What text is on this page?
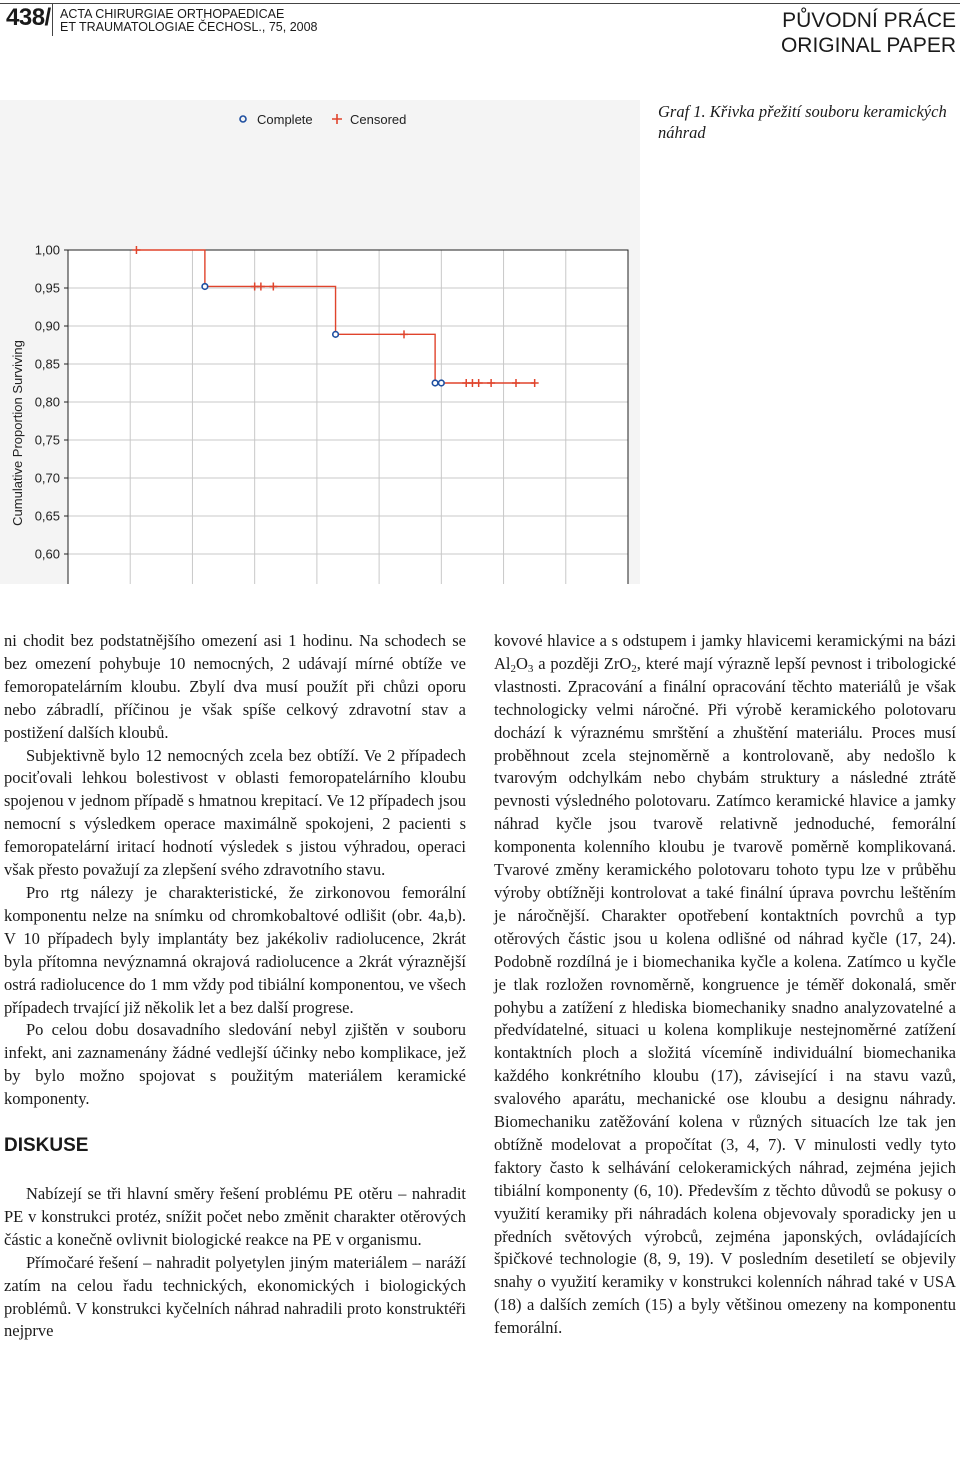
438/ ACTA CHIRURGIAE ORTHOPAEDICAE
ET TRAUMATOLOGIAE ČECHOSL., 75, 2008	PŮVODNÍ PRÁCE
ORIGINAL PAPER
1,00
0,95
0,90
0,85
0,80
0,75
0,70
0,65
0,60
Complete	Censored
Cumulative Proportion Surviving
Graf 1. Křivka přežití souboru keramických náhrad

ni chodit bez podstatnějšího omezení asi 1 hodinu. Na schodech se bez omezení pohybuje 10 nemocných, 2 udávají mírné obtíže ve femoropatelárním kloubu. Zbylí dva musí použít při chůzi oporu nebo zábradlí, příčinou je však spíše celkový zdravotní stav a postižení dalších kloubů.

Subjektivně bylo 12 nemocných zcela bez obtíží. Ve 2 případech pociťovali lehkou bolestivost v oblasti femoropatelárního kloubu spojenou v jednom případě s hmatnou krepitací. Ve 12 případech jsou nemocní s výsledkem operace maximálně spokojeni, 2 pacienti s femoropatelární iritací hodnotí výsledek s jistou výhradou, operaci však přesto považují za zlepšení svého zdravotního stavu.

Pro rtg nálezy je charakteristické, že zirkonovou femorální komponentu nelze na snímku od chromkobaltové odlišit (obr. 4a,b). V 10 případech byly implantáty bez jakékoliv radiolucence, 2krát byla přítomna nevýznamná okrajová radiolucence a 2krát výraznější ostrá radiolucence do 1 mm vždy pod tibiální komponentou, ve všech případech trvající již několik let a bez další progrese.

Po celou dobu dosavadního sledování nebyl zjištěn v souboru infekt, ani zaznamenány žádné vedlejší účinky nebo komplikace, jež by bylo možno spojovat s použitým materiálem keramické komponenty.

DISKUSE

Nabízejí se tři hlavní směry řešení problému PE otěru – nahradit PE v konstrukci protéz, snížit počet nebo změnit charakter otěrových částic a konečně ovlivnit biologické reakce na PE v organismu.

Přímočaré řešení – nahradit polyetylen jiným materiálem – naráží zatím na celou řadu technických, ekonomických i biologických problémů. V konstrukci kyčelních náhrad nahradili proto konstruktéři nejprve

kovové hlavice a s odstupem i jamky hlavicemi keramickými na bázi $Al_2O_3$ a později ZrO$_2$, které mají výrazně lepší pevnost i tribologické vlastnosti. Zpracování a finální opracování těchto materiálů je však technologicky velmi náročné. Při výrobě keramického polotovaru dochází k výraznému smrštění a zhuštění materiálu. Proces musí proběhnout zcela stejnoměrně a kontrolovaně, aby nedošlo k tvarovým odchylkám nebo chybám struktury a následné ztrátě pevnosti výsledného polotovaru. Zatímco keramické hlavice a jamky náhrad kyčle jsou tvarově relativně jednoduché, femorální komponenta kolenního kloubu je tvarově poměrně komplikovaná. Tvarové změny keramického polotovaru tohoto typu lze v průběhu výroby obtížněji kontrolovat a také finální úprava povrchu leštěním je náročnější. Charakter opotřebení kontaktních povrchů a typ otěrových částic jsou u kolena odlišné od náhrad kyčle (17, 24). Podobně rozdílná je i biomechanika kyčle a kolena. Zatímco u kyčle je tlak rozložen rovnoměrně, kongruence je téměř dokonalá, směr pohybu a zatížení z hlediska biomechaniky snadno analyzovatelné a předvídatelné, situaci u kolena komplikuje nestejnoměrné zatížení kontaktních ploch a složitá vícemíně individuální biomechanika každého konkrétního kloubu (17), závisející i na stavu vazů, svalového aparátu, mechanické ose kloubu a designu náhrady. Biomechaniku zatěžování kolena v různých situacích lze tak jen obtížně modelovat a propočítat (3, 4, 7). V minulosti vedly tyto faktory často k selhávání celokeramických náhrad, zejména jejich tibiální komponenty (6, 10). Především z těchto důvodů se pokusy o využití keramiky při náhradách kolena objevovaly sporadicky jen u předních světových výrobců, zejména japonských, ovládajících špičkové technologie (8, 9, 19). V posledním desetiletí se objevily snahy o využití keramiky v konstrukci kolenních náhrad také v USA (18) a dalších zemích (15) a byly většinou omezeny na komponentu femorální.
